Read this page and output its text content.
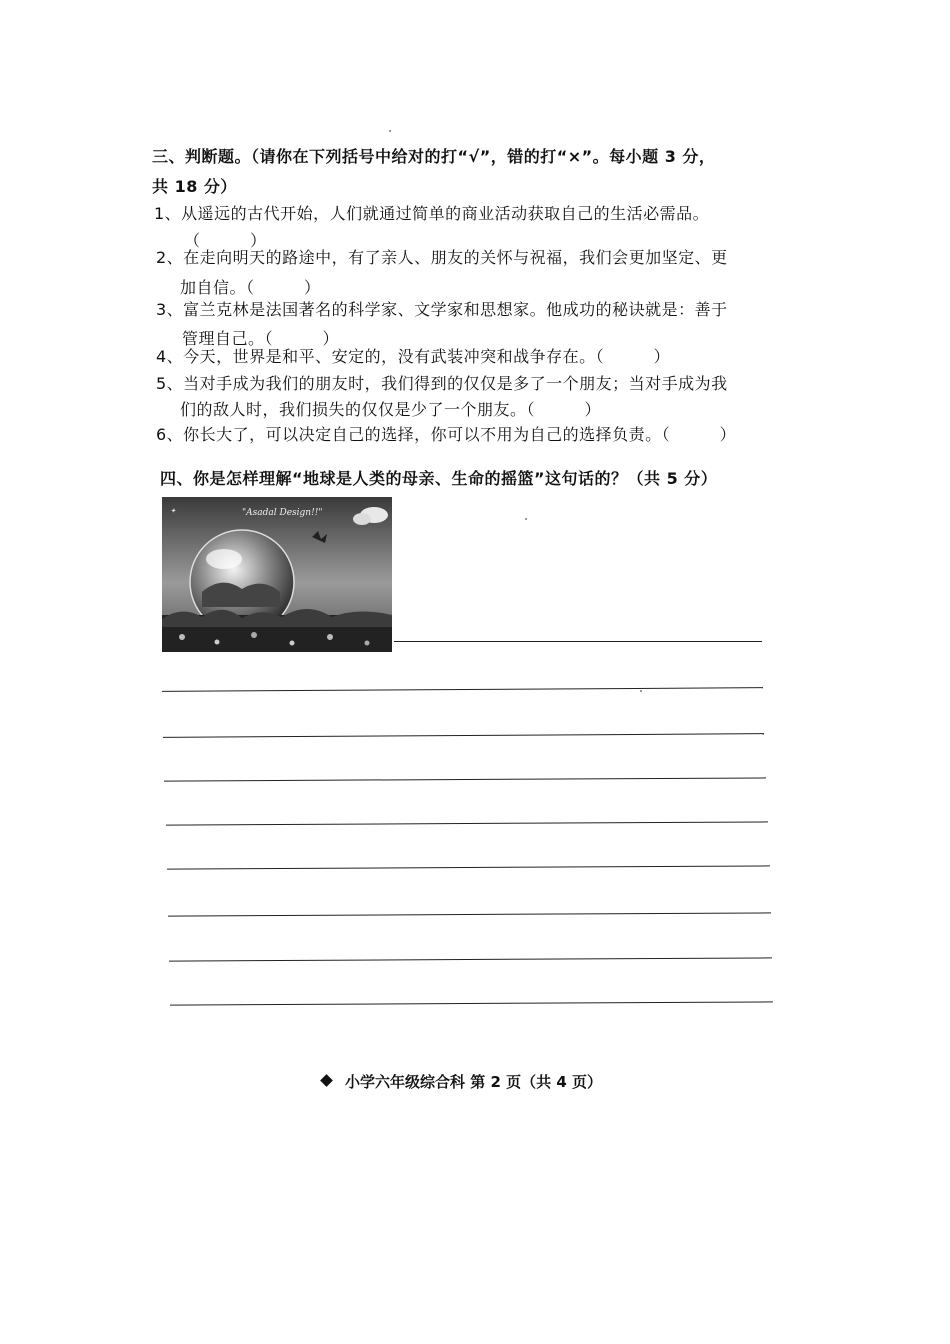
三、判断题。（请你在下列括号中给对的打“√”，错的打“×”。每小题 3 分，
共 18 分）
1、从遥远的古代开始，人们就通过简单的商业活动获取自己的生活必需品。
（　　　）
2、在走向明天的路途中，有了亲人、朋友的关怀与祝福，我们会更加坚定、更
加自信。（　　　）
3、富兰克林是法国著名的科学家、文学家和思想家。他成功的秘诀就是：善于
管理自己。（　　　）
4、今天，世界是和平、安定的，没有武装冲突和战争存在。（　　　）
5、当对手成为我们的朋友时，我们得到的仅仅是多了一个朋友；当对手成为我
们的敌人时，我们损失的仅仅是少了一个朋友。（　　　）
6、你长大了，可以决定自己的选择，你可以不用为自己的选择负责。（　　　）
四、你是怎样理解“地球是人类的母亲、生命的摇篮”这句话的？（共 5 分）
✦	"Asadal Design!!"
小学六年级综合科 第 2 页（共 4 页）
